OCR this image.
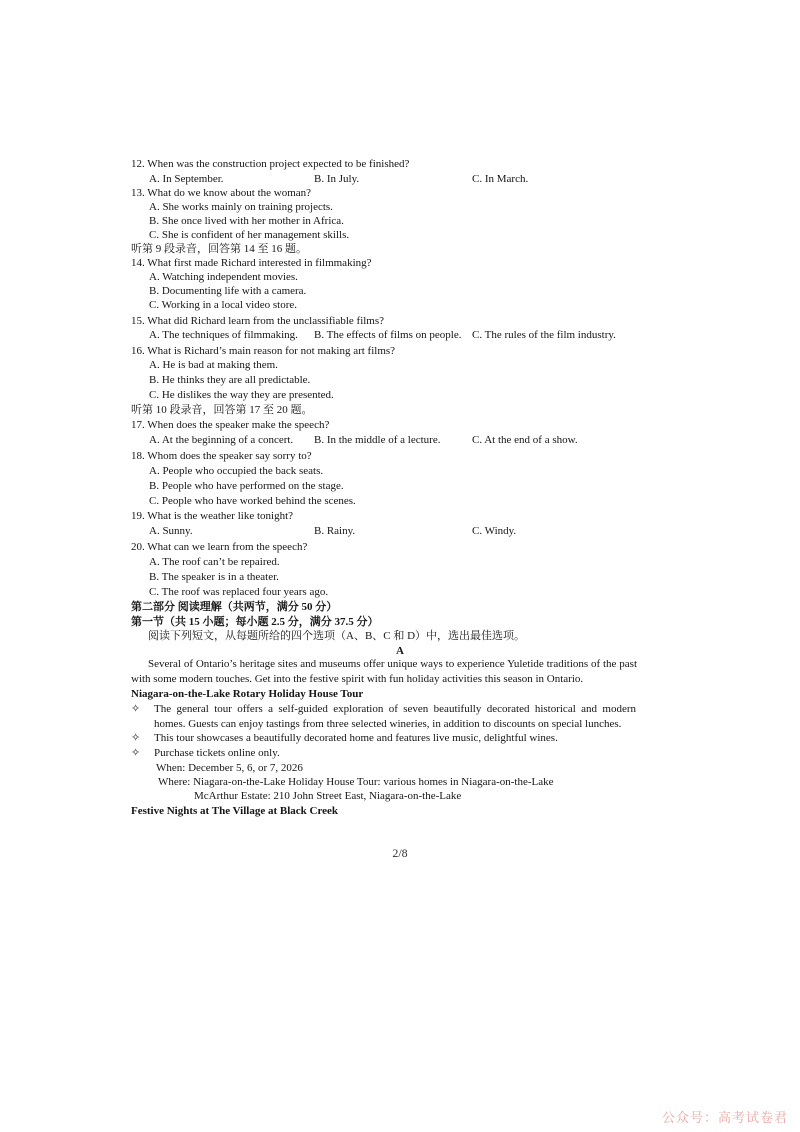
12. When was the construction project expected to be finished?
A. In September.	B. In July.	C. In March.
13. What do we know about the woman?
A. She works mainly on training projects.
B. She once lived with her mother in Africa.
C. She is confident of her management skills.
听第 9 段录音，回答第 14 至 16 题。
14. What first made Richard interested in filmmaking?
A. Watching independent movies.
B. Documenting life with a camera.
C. Working in a local video store.
15. What did Richard learn from the unclassifiable films?
A. The techniques of filmmaking. B. The effects of films on people. C. The rules of the film industry.
16. What is Richard’s main reason for not making art films?
A. He is bad at making them.
B. He thinks they are all predictable.
C. He dislikes the way they are presented.
听第 10 段录音，回答第 17 至 20 题。
17. When does the speaker make the speech?
A. At the beginning of a concert. B. In the middle of a lecture.	C. At the end of a show.
18. Whom does the speaker say sorry to?
A. People who occupied the back seats.
B. People who have performed on the stage.
C. People who have worked behind the scenes.
19. What is the weather like tonight?
A. Sunny.	B. Rainy.	C. Windy.
20. What can we learn from the speech?
A. The roof can’t be repaired.
B. The speaker is in a theater.
C. The roof was replaced four years ago.
第二部分 阅读理解（共两节，满分 50 分）
第一节（共 15 小题；每小题 2.5 分，满分 37.5 分）
阅读下列短文，从每题所给的四个选项（A、B、C 和 D）中，选出最佳选项。
A
Several of Ontario’s heritage sites and museums offer unique ways to experience Yuletide traditions of the past with some modern touches. Get into the festive spirit with fun holiday activities this season in Ontario.
Niagara-on-the-Lake Rotary Holiday House Tour
✧ The general tour offers a self-guided exploration of seven beautifully decorated historical and modern homes. Guests can enjoy tastings from three selected wineries, in addition to discounts on special lunches.
✧ This tour showcases a beautifully decorated home and features live music, delightful wines.
✧ Purchase tickets online only.
When: December 5, 6, or 7, 2026
Where: Niagara-on-the-Lake Holiday House Tour: various homes in Niagara-on-the-Lake
McArthur Estate: 210 John Street East, Niagara-on-the-Lake
Festive Nights at The Village at Black Creek
2/8
公众号：高考试卷君
